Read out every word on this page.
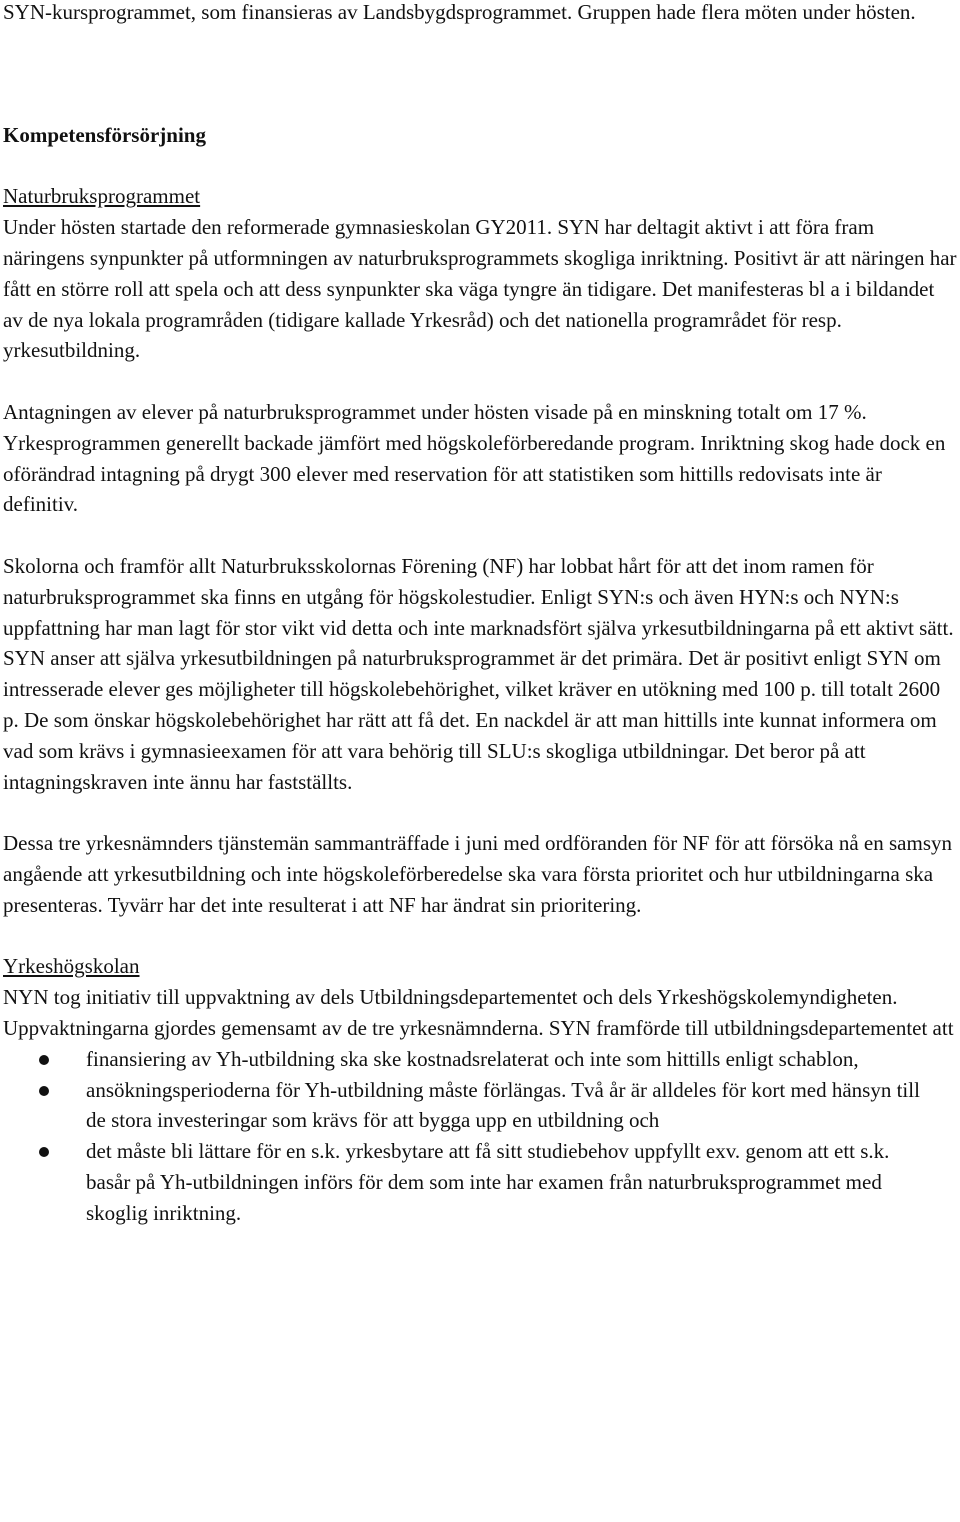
SYN-kursprogrammet, som finansieras av Landsbygdsprogrammet. Gruppen hade flera möten under hösten.

Kompetensförsörjning

Naturbruksprogrammet

Under hösten startade den reformerade gymnasieskolan GY2011. SYN har deltagit aktivt i att föra fram näringens synpunkter på utformningen av naturbruksprogrammets skogliga inriktning. Positivt är att näringen har fått en större roll att spela och att dess synpunkter ska väga tyngre än tidigare. Det manifesteras bl a i bildandet av de nya lokala programråden (tidigare kallade Yrkesråd) och det nationella programrådet för resp. yrkesutbildning.

Antagningen av elever på naturbruksprogrammet under hösten visade på en minskning totalt om 17 %. Yrkesprogrammen generellt backade jämfört med högskoleförberedande program. Inriktning skog hade dock en oförändrad intagning på drygt 300 elever med reservation för att statistiken som hittills redovisats inte är definitiv.

Skolorna och framför allt Naturbruksskolornas Förening (NF) har lobbat hårt för att det inom ramen för naturbruksprogrammet ska finns en utgång för högskolestudier. Enligt SYN:s och även HYN:s och NYN:s uppfattning har man lagt för stor vikt vid detta och inte marknadsfört själva yrkesutbildningarna på ett aktivt sätt. SYN anser att själva yrkesutbildningen på naturbruksprogrammet är det primära. Det är positivt enligt SYN om intresserade elever ges möjligheter till högskolebehörighet, vilket kräver en utökning med 100 p. till totalt 2600 p. De som önskar högskolebehörighet har rätt att få det. En nackdel är att man hittills inte kunnat informera om vad som krävs i gymnasieexamen för att vara behörig till SLU:s skogliga utbildningar. Det beror på att intagningskraven inte ännu har fastställts.

Dessa tre yrkesnämnders tjänstemän sammanträffade i juni med ordföranden för NF för att försöka nå en samsyn angående att yrkesutbildning och inte högskoleförberedelse ska vara första prioritet och hur utbildningarna ska presenteras. Tyvärr har det inte resulterat i att NF har ändrat sin prioritering.

Yrkeshögskolan

NYN tog initiativ till uppvaktning av dels Utbildningsdepartementet och dels Yrkeshögskolemyndigheten. Uppvaktningarna gjordes gemensamt av de tre yrkesnämnderna. SYN framförde till utbildningsdepartementet att

finansiering av Yh-utbildning ska ske kostnadsrelaterat och inte som hittills enligt schablon,
ansökningsperioderna för Yh-utbildning måste förlängas. Två år är alldeles för kort med hänsyn till de stora investeringar som krävs för att bygga upp en utbildning och
det måste bli lättare för en s.k. yrkesbytare att få sitt studiebehov uppfyllt exv. genom att ett s.k. basår på Yh-utbildningen införs för dem som inte har examen från naturbruksprogrammet med skoglig inriktning.
